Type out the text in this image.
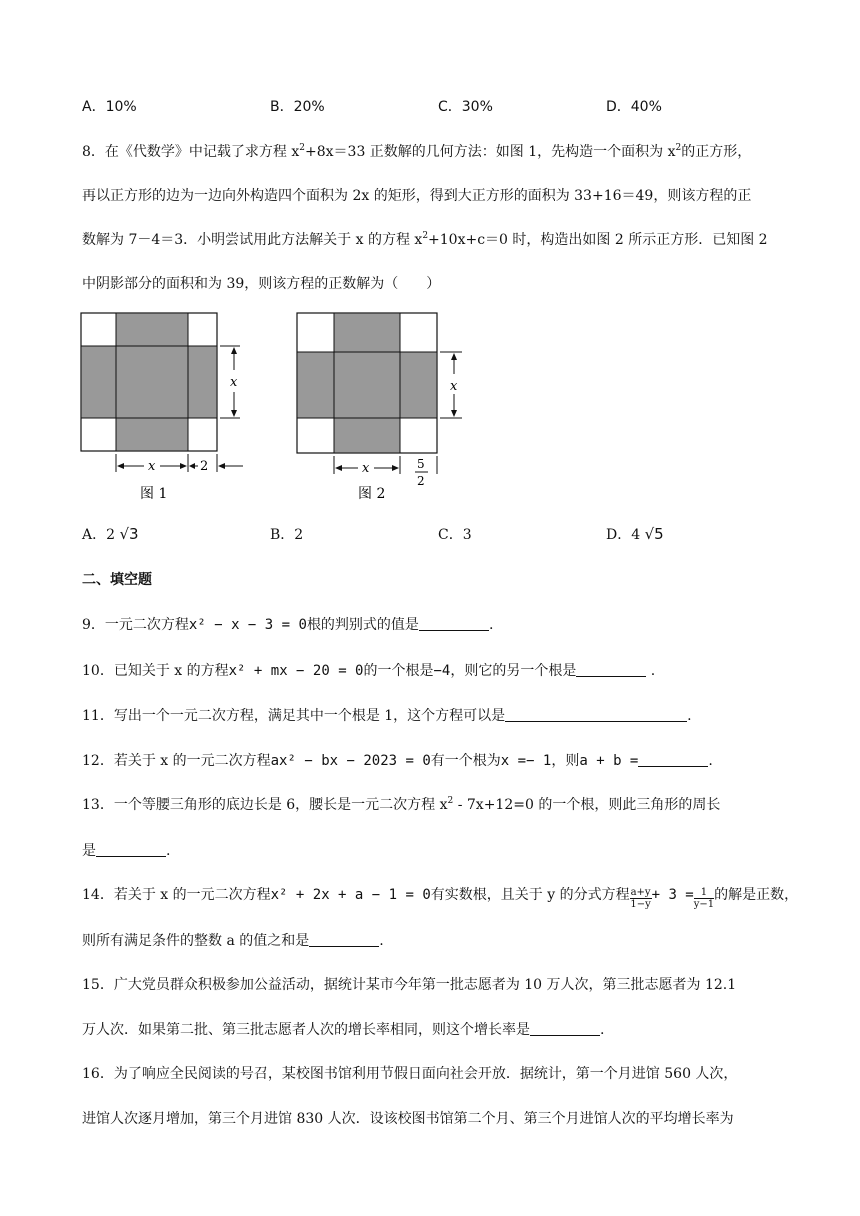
A．10%	B．20%	C．30%	D．40%
8．在《代数学》中记载了求方程 $x^2+8x=33$ 正数解的几何方法：如图 1，先构造一个面积为 $x^2$的正方形，
再以正方形的边为一边向外构造四个面积为 2x 的矩形，得到大正方形的面积为 33+16＝49，则该方程的正
数解为 7－4＝3．小明尝试用此方法解关于 x 的方程 $x^2+10x+c=0$ 时，构造出如图 2 所示正方形．已知图 2
中阴影部分的面积和为 39，则该方程的正数解为（　　）
x
x	2
图 1
x
x	5
2
图 2
A．2 √3	B．2	C．3	D．4 √5
二、填空题
9．一元二次方程x² − x − 3 = 0根的判别式的值是	.
10．已知关于 x 的方程x² + mx − 20 = 0的一个根是−4，则它的另一个根是	.
11．写出一个一元二次方程，满足其中一个根是 1，这个方程可以是	.
12．若关于 x 的一元二次方程ax² − bx − 2023 = 0有一个根为x =− 1，则a + b =	.
13．一个等腰三角形的底边长是 6，腰长是一元二次方程 $x^2 - 7x+12=0$ 的一个根，则此三角形的周长
是	.
14．若关于 x 的一元二次方程x² + 2x + a − 1 = 0有实数根，且关于 y 的分式方程 $\frac{a+y}{1-y} + 3 = \frac{1}{y-1}$ 的解是正数，
则所有满足条件的整数 a 的值之和是	.
15．广大党员群众积极参加公益活动，据统计某市今年第一批志愿者为 10 万人次，第三批志愿者为 12.1
万人次．如果第二批、第三批志愿者人次的增长率相同，则这个增长率是	.
16．为了响应全民阅读的号召，某校图书馆利用节假日面向社会开放．据统计，第一个月进馆 560 人次，
进馆人次逐月增加，第三个月进馆 830 人次．设该校图书馆第二个月、第三个月进馆人次的平均增长率为
